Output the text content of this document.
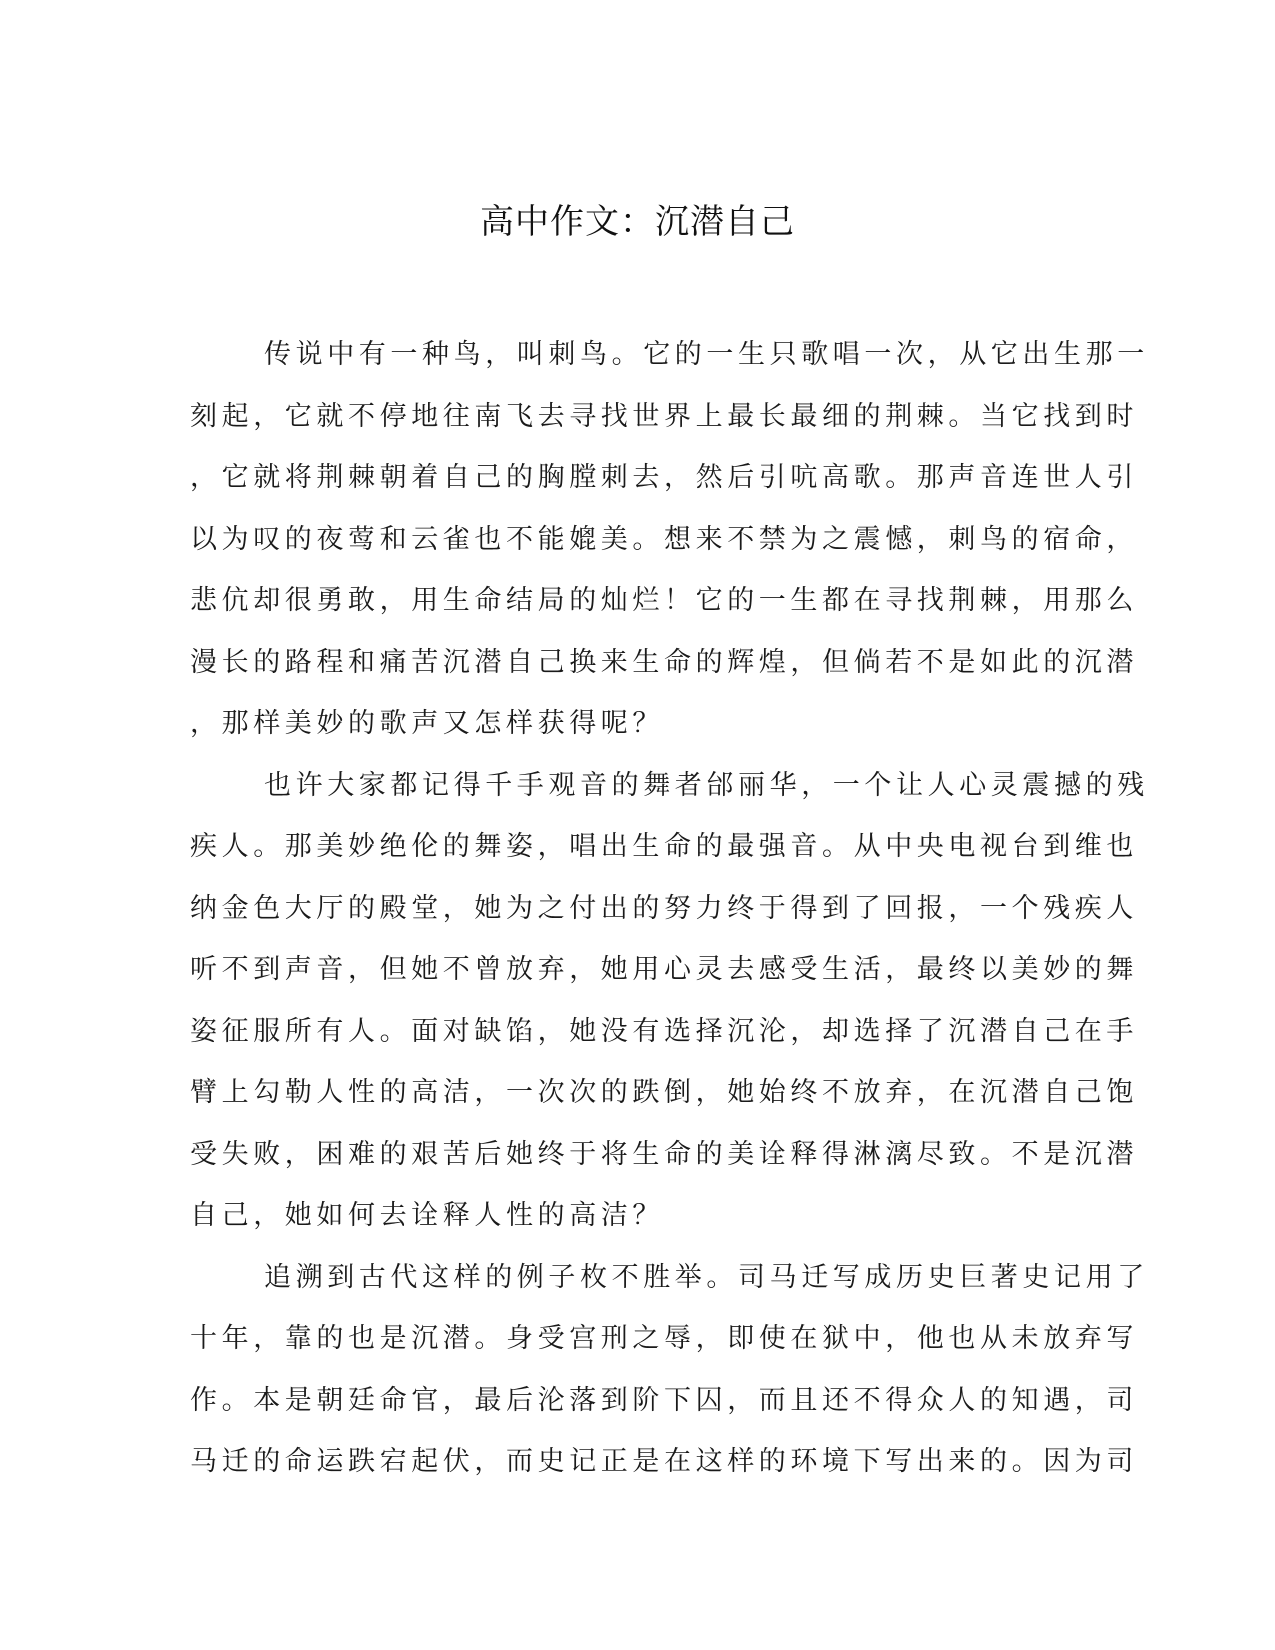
高中作文：沉潜自己
传说中有一种鸟，叫刺鸟。它的一生只歌唱一次，从它出生那一
刻起，它就不停地往南飞去寻找世界上最长最细的荆棘。当它找到时
，它就将荆棘朝着自己的胸膛刺去，然后引吭高歌。那声音连世人引
以为叹的夜莺和云雀也不能媲美。想来不禁为之震憾，刺鸟的宿命，
悲伉却很勇敢，用生命结局的灿烂！它的一生都在寻找荆棘，用那么
漫长的路程和痛苦沉潜自己换来生命的辉煌，但倘若不是如此的沉潜
，那样美妙的歌声又怎样获得呢？
也许大家都记得千手观音的舞者邰丽华，一个让人心灵震撼的残
疾人。那美妙绝伦的舞姿，唱出生命的最强音。从中央电视台到维也
纳金色大厅的殿堂，她为之付出的努力终于得到了回报，一个残疾人
听不到声音，但她不曾放弃，她用心灵去感受生活，最终以美妙的舞
姿征服所有人。面对缺馅，她没有选择沉沦，却选择了沉潜自己在手
臂上勾勒人性的高洁，一次次的跌倒，她始终不放弃，在沉潜自己饱
受失败，困难的艰苦后她终于将生命的美诠释得淋漓尽致。不是沉潜
自己，她如何去诠释人性的高洁？
追溯到古代这样的例子枚不胜举。司马迁写成历史巨著史记用了
十年，靠的也是沉潜。身受宫刑之辱，即使在狱中，他也从未放弃写
作。本是朝廷命官，最后沦落到阶下囚，而且还不得众人的知遇，司
马迁的命运跌宕起伏，而史记正是在这样的环境下写出来的。因为司
